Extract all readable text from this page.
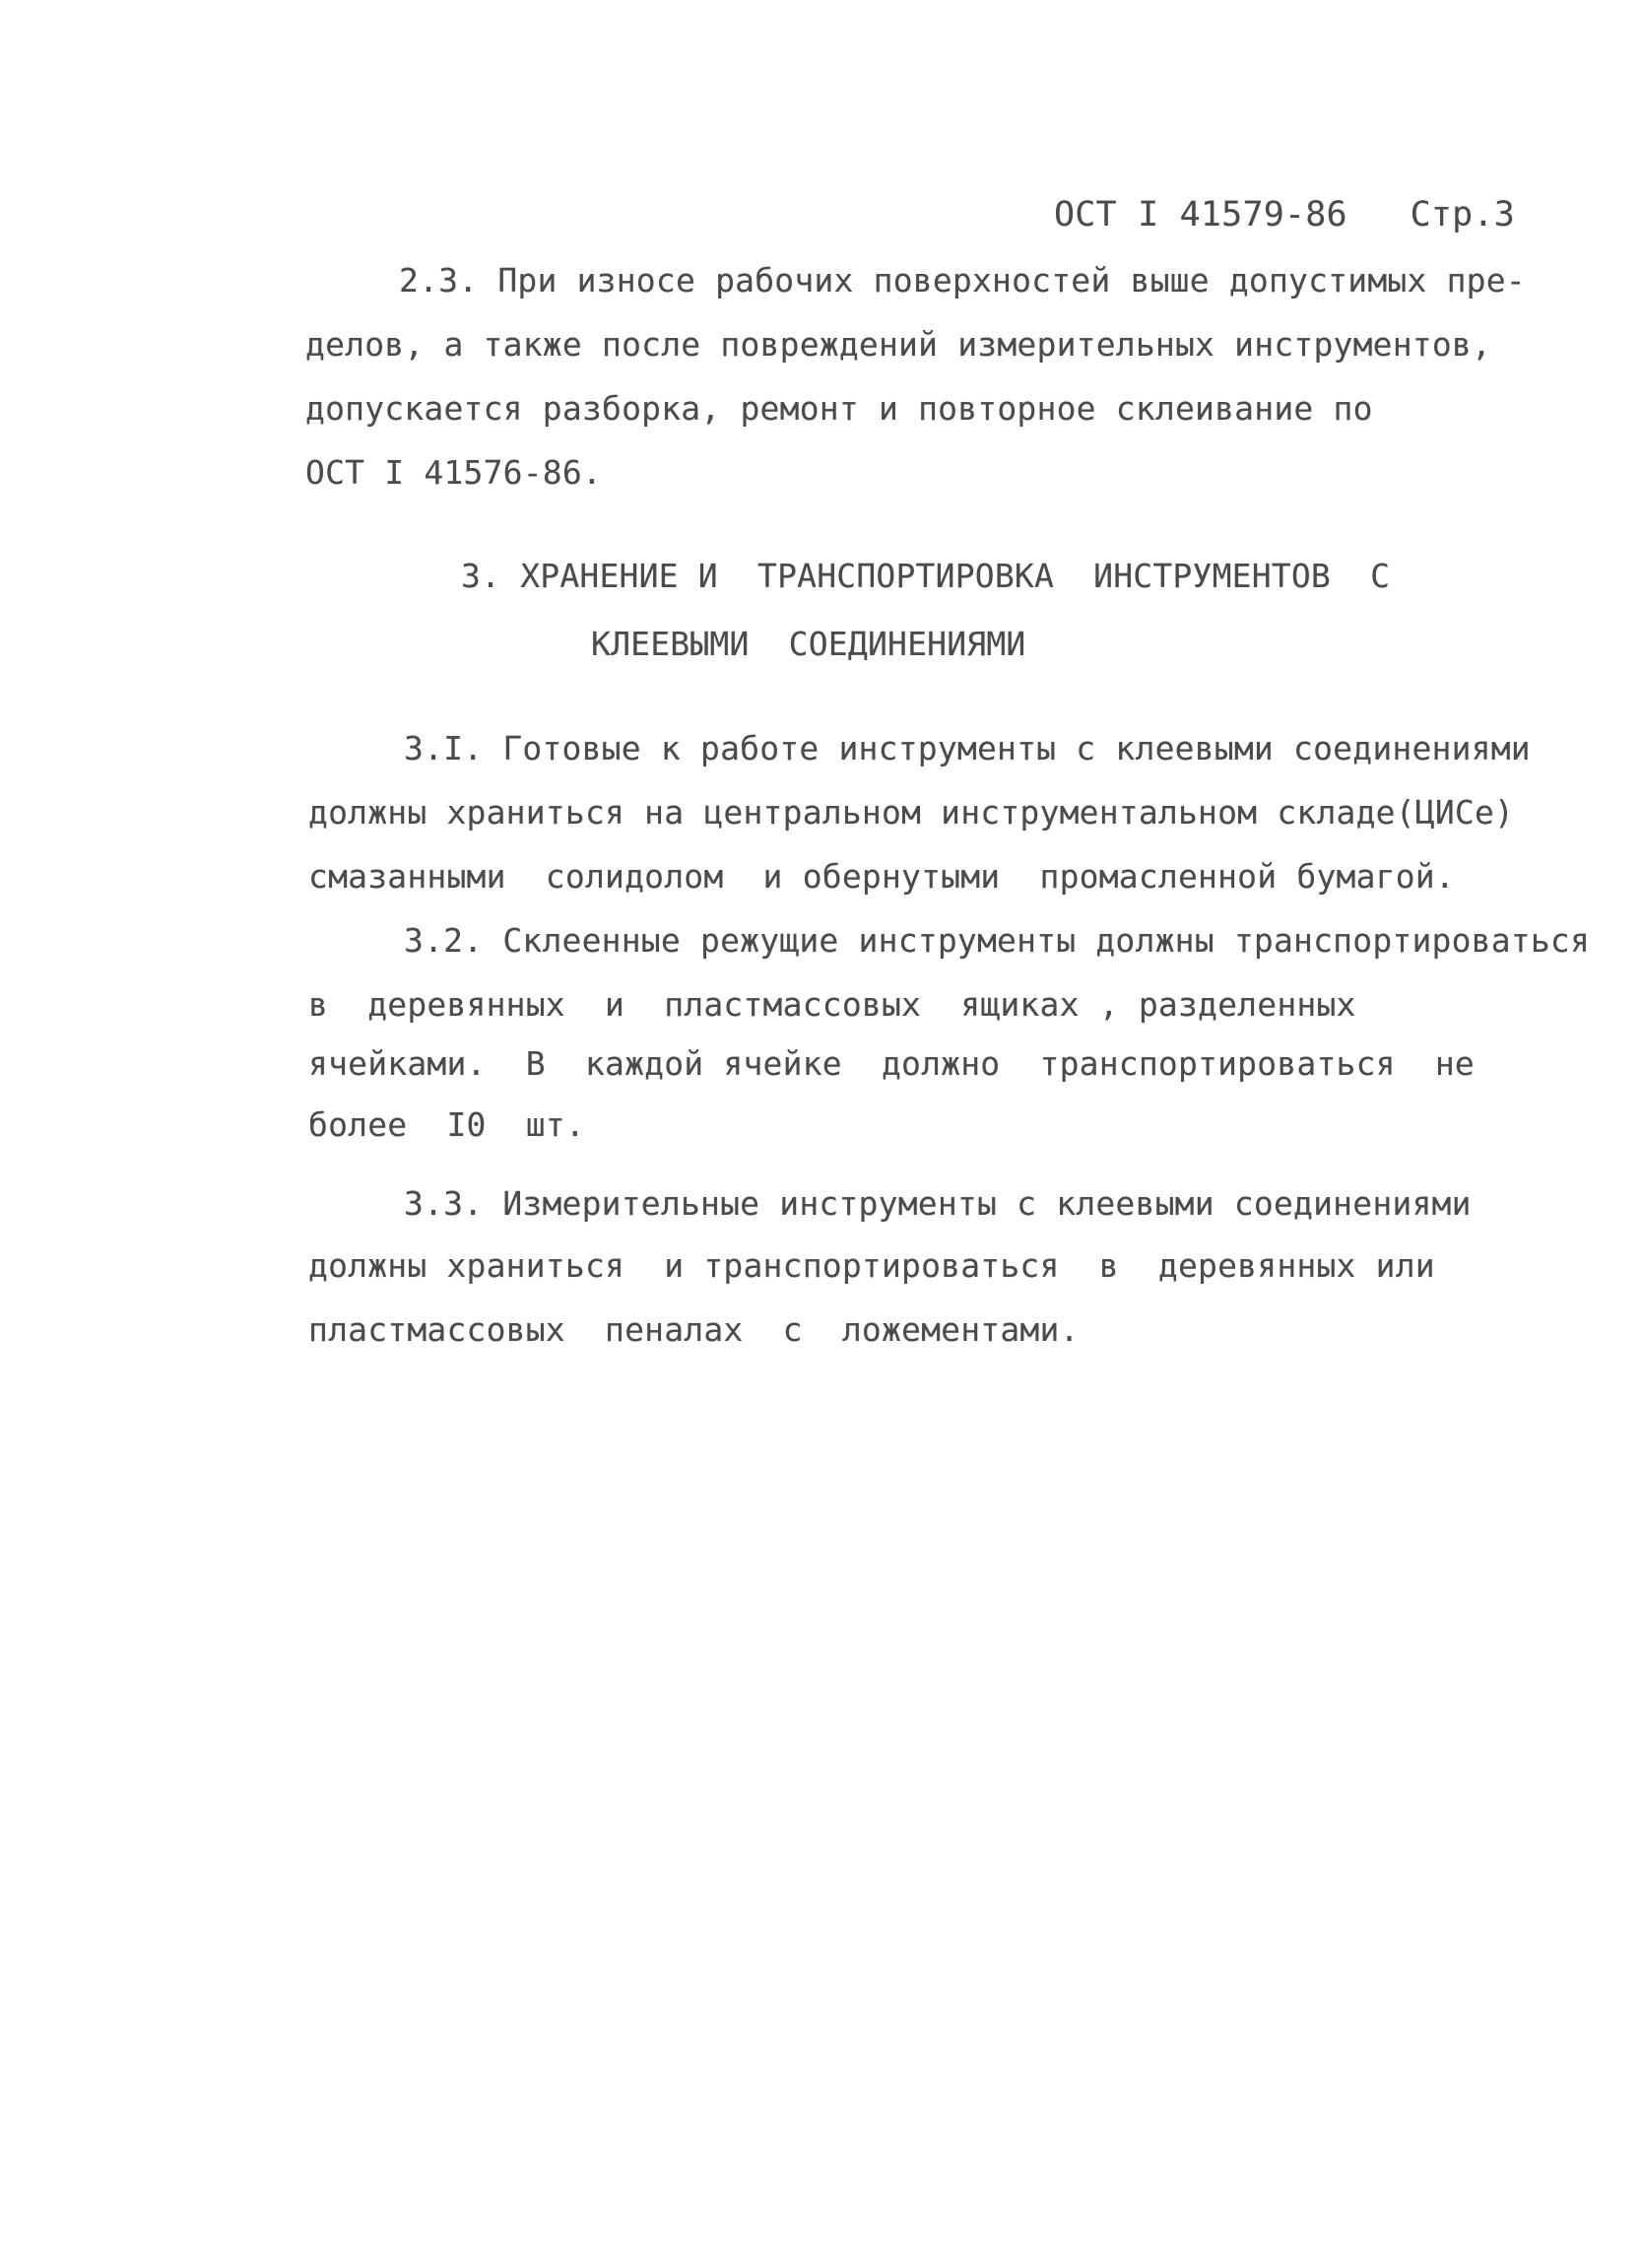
ОСТ I 41579-86   Стр.3
2.3. При износе рабочих поверхностей выше допустимых пре-
делов, а также после повреждений измерительных инструментов,
допускается разборка, ремонт и повторное склеивание по
ОСТ I 41576-86.
3. ХРАНЕНИЕ И  ТРАНСПОРТИРОВКА  ИНСТРУМЕНТОВ  С
КЛЕЕВЫМИ  СОЕДИНЕНИЯМИ
3.I. Готовые к работе инструменты с клеевыми соединениями
должны храниться на центральном инструментальном складе(ЦИСе)
смазанными  солидолом  и обернутыми  промасленной бумагой.
3.2. Склеенные режущие инструменты должны транспортироваться
в  деревянных  и  пластмассовых  ящиках , разделенных
ячейками.  В  каждой ячейке  должно  транспортироваться  не
более  I0  шт.
3.3. Измерительные инструменты с клеевыми соединениями
должны храниться  и транспортироваться  в  деревянных или
пластмассовых  пеналах  с  ложементами.
